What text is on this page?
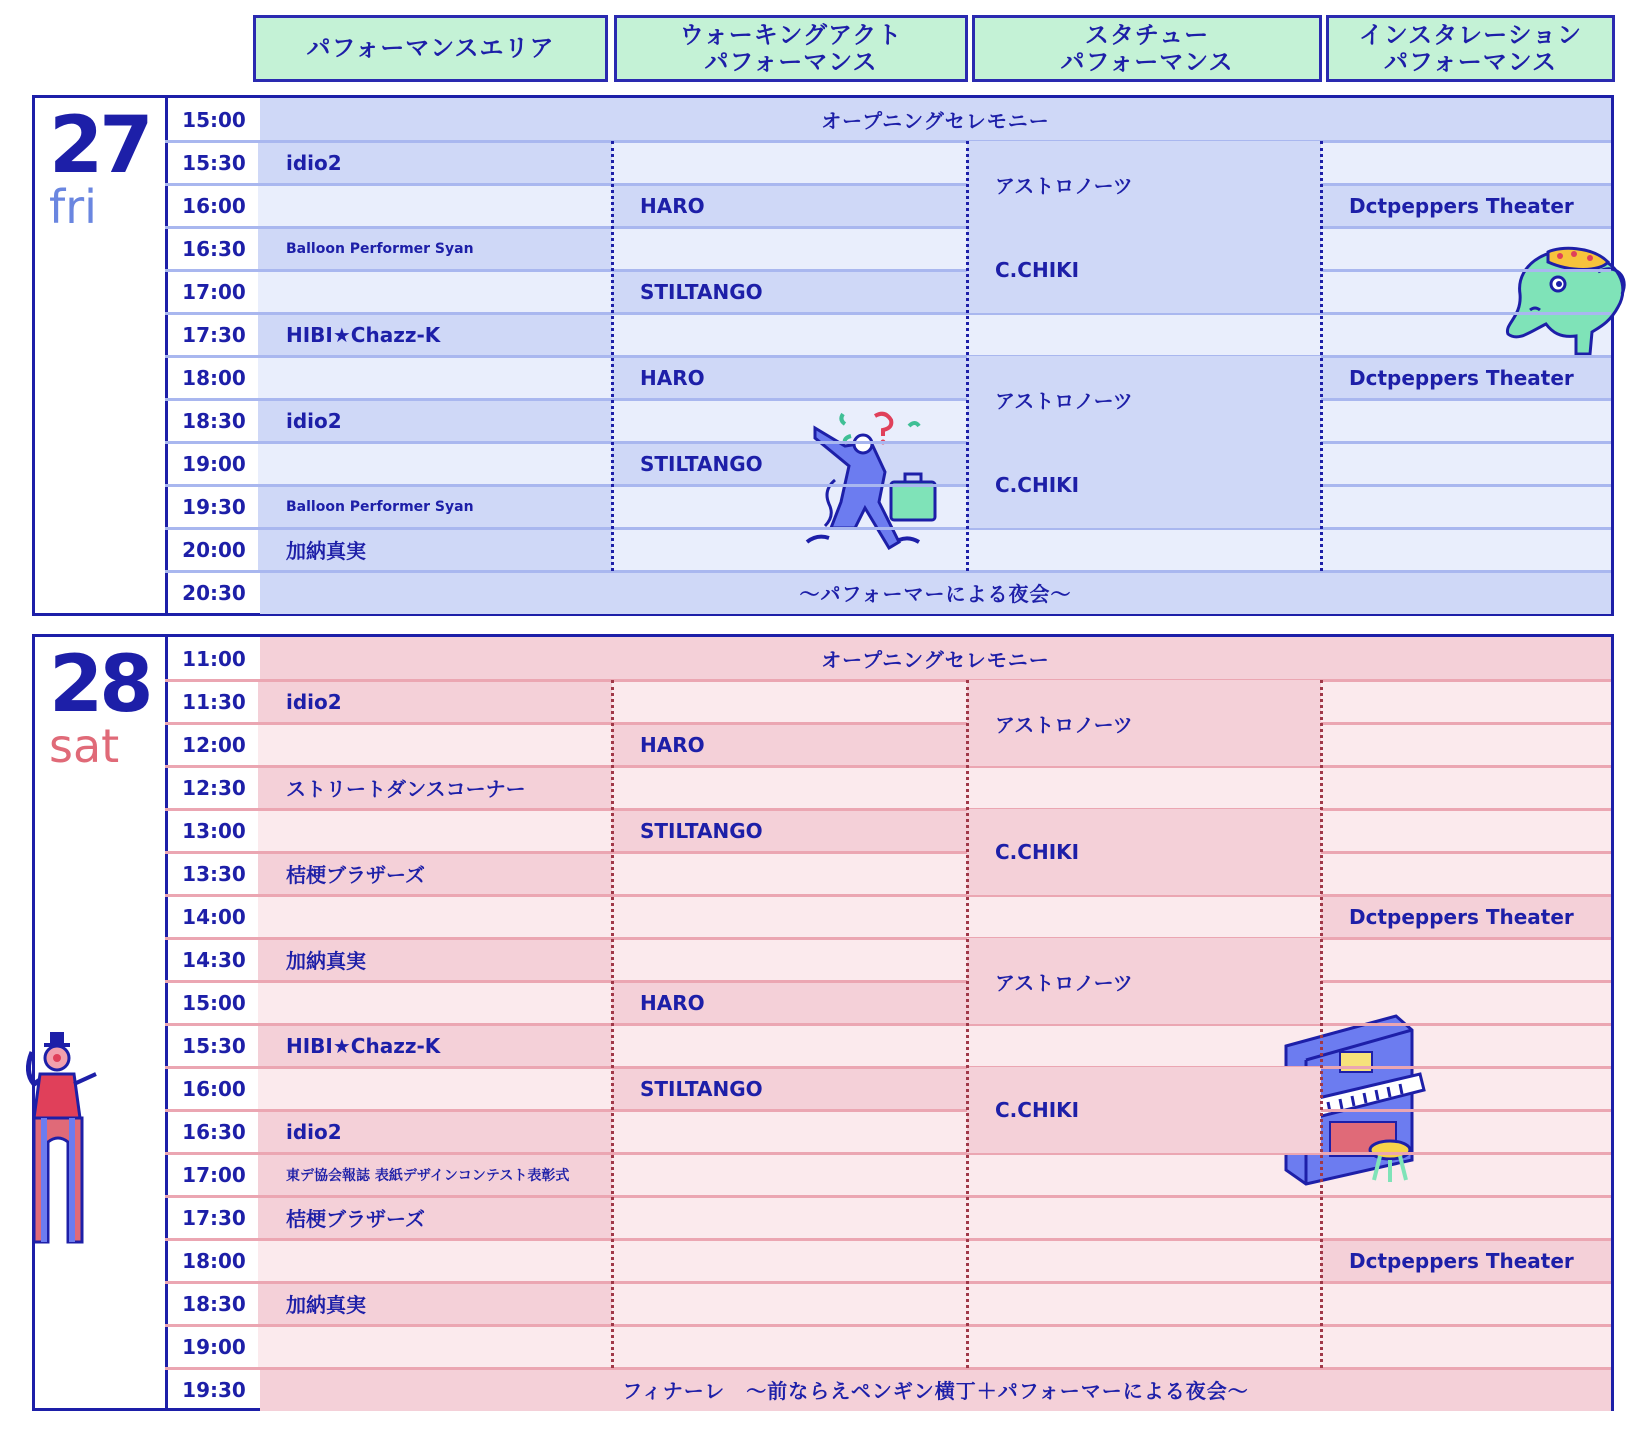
パフォーマンスエリア	ウォーキングアクト
パフォーマンス
スタチュー
パフォーマンス
インスタレーション
パフォーマンス
27
fri
15:00
15:30
16:00
16:30
17:00
17:30
18:00
18:30
19:00
19:30
20:00
20:30
オープニングセレモニー
〜パフォーマーによる夜会〜
idio2
Balloon Performer Syan
HIBI★Chazz-K
idio2
Balloon Performer Syan
加納真実
HARO
STILTANGO
HARO
STILTANGO
アストロノーツ
C.CHIKI
アストロノーツ
C.CHIKI
Dctpeppers Theater
Dctpeppers Theater
28
sat
11:00
11:30
12:00
12:30
13:00
13:30
14:00
14:30
15:00
15:30
16:00
16:30
17:00
17:30
18:00
18:30
19:00
19:30
オープニングセレモニー
フィナーレ　〜前ならえペンギン横丁＋パフォーマーによる夜会〜
idio2
ストリートダンスコーナー
桔梗ブラザーズ
加納真実
HIBI★Chazz-K
idio2
東デ協会報誌 表紙デザインコンテスト表彰式
桔梗ブラザーズ
加納真実
HARO
STILTANGO
HARO
STILTANGO
アストロノーツ
C.CHIKI
アストロノーツ
C.CHIKI
Dctpeppers Theater
Dctpeppers Theater
